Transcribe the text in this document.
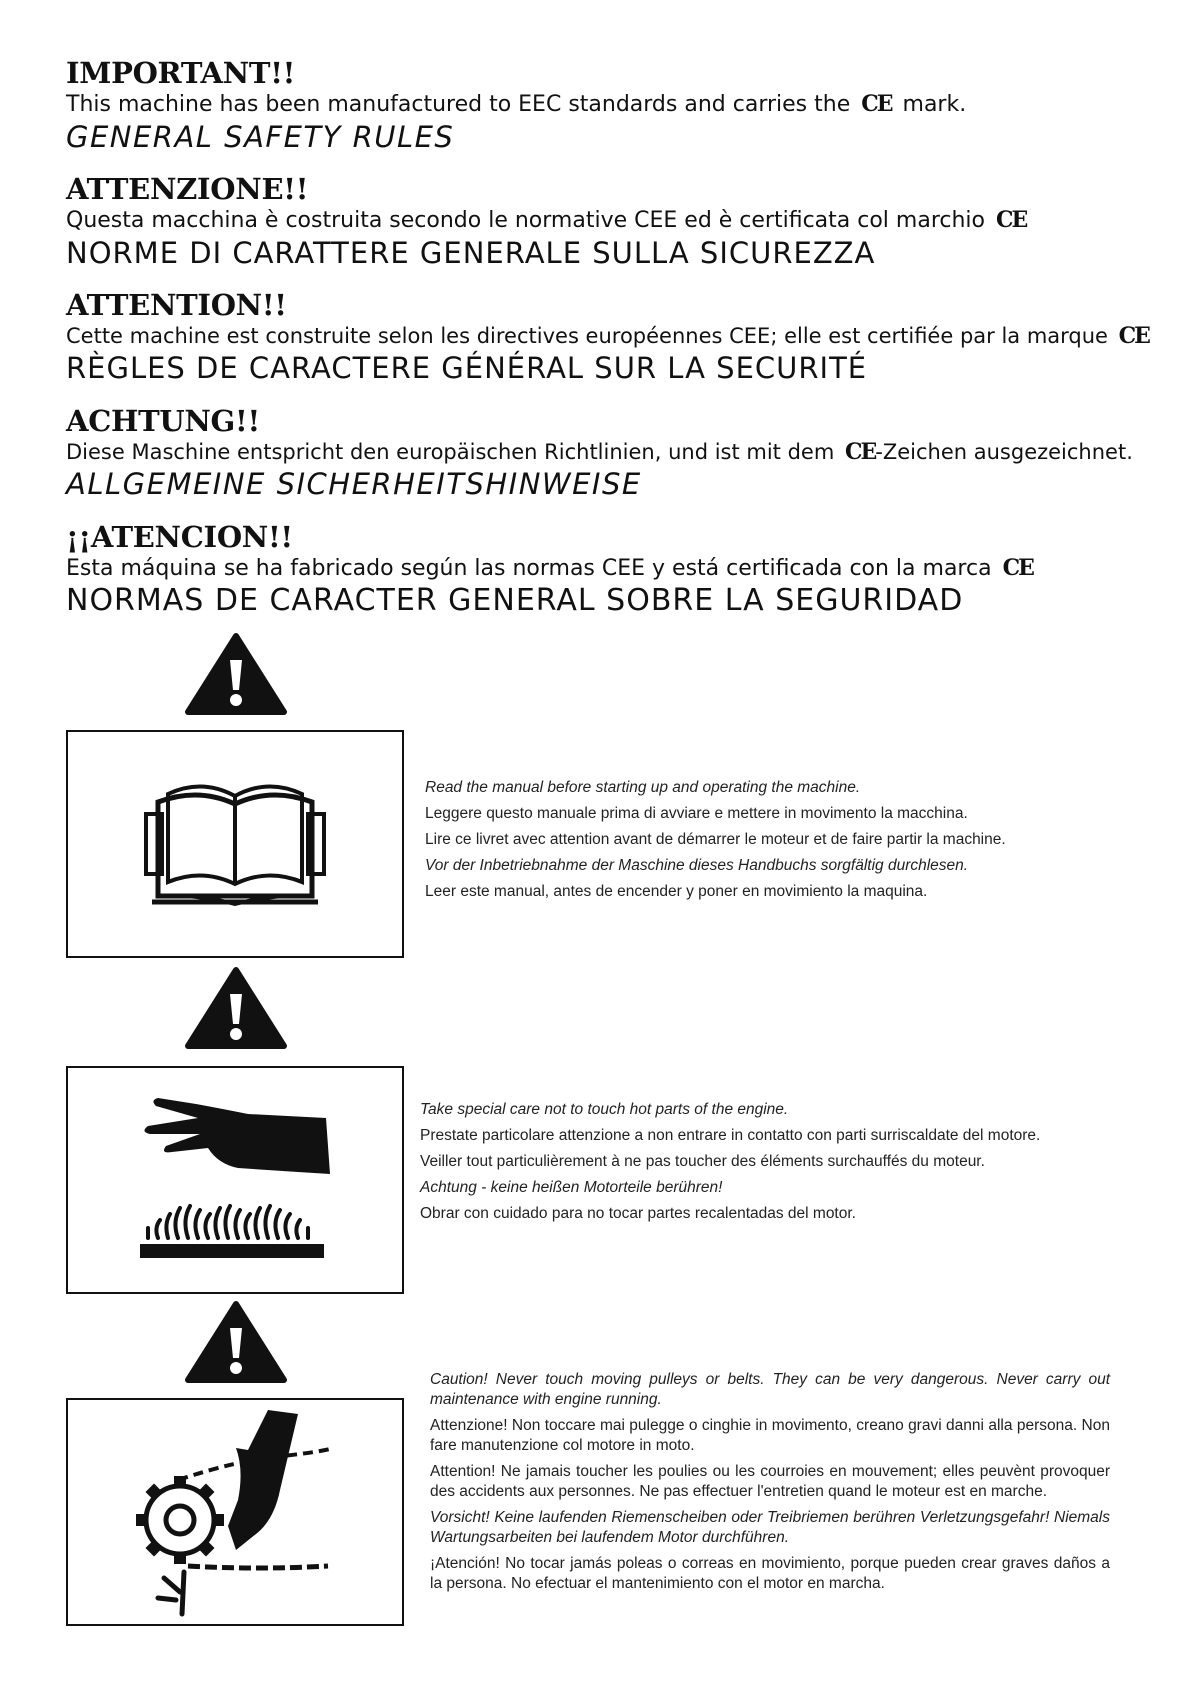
IMPORTANT!!
This machine has been manufactured to EEC standards and carries the CE mark.
GENERAL SAFETY RULES
ATTENZIONE!!
Questa macchina è costruita secondo le normative CEE ed è certificata col marchio CE
NORME DI CARATTERE GENERALE SULLA SICUREZZA
ATTENTION!!
Cette machine est construite selon les directives européennes CEE; elle est certifiée par la marque CE
RÈGLES DE CARACTERE GÉNÉRAL SUR LA SECURITÉ
ACHTUNG!!
Diese Maschine entspricht den europäischen Richtlinien, und ist mit dem CE-Zeichen ausgezeichnet.
ALLGEMEINE SICHERHEITSHINWEISE
¡¡ATENCION!!
Esta máquina se ha fabricado según las normas CEE y está certificada con la marca CE
NORMAS DE CARACTER GENERAL SOBRE LA SEGURIDAD

Read the manual before starting up and operating the machine.

Leggere questo manuale prima di avviare e mettere in movimento la macchina.

Lire ce livret avec attention avant de démarrer le moteur et de faire partir la machine.

Vor der Inbetriebnahme der Maschine dieses Handbuchs sorgfältig durchlesen.

Leer este manual, antes de encender y poner en movimiento la maquina.

Take special care not to touch hot parts of the engine.

Prestate particolare attenzione a non entrare in contatto con parti surriscaldate del motore.

Veiller tout particulièrement à ne pas toucher des éléments surchauffés du moteur.

Achtung - keine heißen Motorteile berühren!

Obrar con cuidado para no tocar partes recalentadas del motor.

Caution! Never touch moving pulleys or belts. They can be very dangerous. Never carry out maintenance with engine running.

Attenzione! Non toccare mai pulegge o cinghie in movimento, creano gravi danni alla persona. Non fare manutenzione col motore in moto.

Attention! Ne jamais toucher les poulies ou les courroies en mouvement; elles peuvènt provoquer des accidents aux personnes. Ne pas effectuer l'entretien quand le moteur est en marche.

Vorsicht! Keine laufenden Riemenscheiben oder Treibriemen berühren Verletzungsgefahr! Niemals Wartungsarbeiten bei laufendem Motor durchführen.

¡Atención! No tocar jamás poleas o correas en movimiento, porque pueden crear graves daños a la persona. No efectuar el mantenimiento con el motor en marcha.
